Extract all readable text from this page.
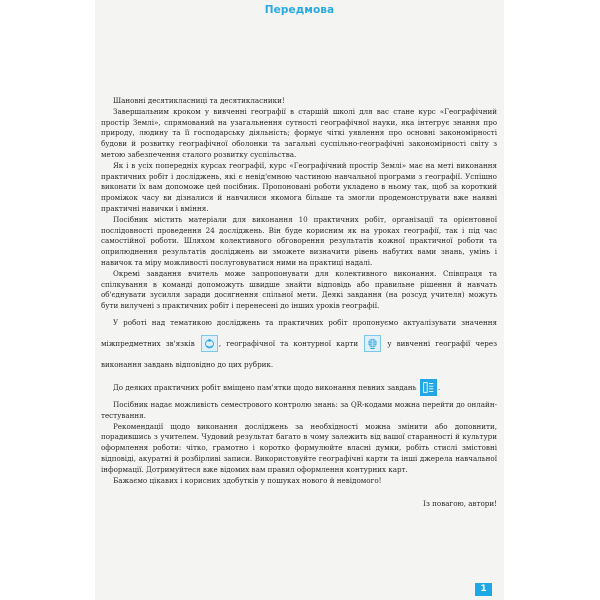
Передмова

Шановні десятикласниці та десятикласники!

Завершальним кроком у вивченні географії в старшій школі для вас стане курс «Географічний простір Землі», спрямований на узагальнення сутності географічної науки, яка інтегрує знання про природу, людину та її господарську діяльність; формує чіткі уявлення про основні закономірності будови й розвитку географічної оболонки та загальні суспільно-географічні закономірності світу з метою забезпечення сталого розвитку суспільства.

Як і в усіх попередніх курсах географії, курс «Географічний простір Землі» має на меті виконання практичних робіт і досліджень, які є невід'ємною частиною навчальної програми з географії. Успішно виконати їх вам допоможе цей посібник. Пропоновані роботи укладено в ньому так, щоб за короткий проміжок часу ви дізналися й навчилися якомога більше та змогли продемонструвати вже наявні практичні навички і вміння.

Посібник містить матеріали для виконання 10 практичних робіт, організації та орієнтовної послідовності проведення 24 досліджень. Він буде корисним як на уроках географії, так і під час самостійної роботи. Шляхом колективного обговорення результатів кожної практичної роботи та оприлюднення результатів досліджень ви зможете визначити рівень набутих вами знань, умінь і навичок та міру можливості послуговуватися ними на практиці надалі.

Окремі завдання вчитель може запропонувати для колективного виконання. Співпраця та спілкування в команді допоможуть швидше знайти відповідь або правильне рішення й навчать об'єднувати зусилля заради досягнення спільної мети. Деякі завдання (на розсуд учителя) можуть бути вилучені з практичних робіт і перенесені до інших уроків географії.

У роботі над тематикою досліджень та практичних робіт пропонуємо актуалізувати значення міжпредметних зв'язків	, географічної та контурної карти	у вивченні географії через виконання завдань відповідно до цих рубрик.

До деяких практичних робіт вміщено пам'ятки щодо виконання певних завдань	.

Посібник надає можливість семестрового контролю знань: за QR-кодами можна перейти до онлайн-тестування.

Рекомендації щодо виконання досліджень за необхідності можна змінити або доповнити, порадившись з учителем. Чудовий результат багато в чому залежить від вашої старанності й культури оформлення роботи: чітко, грамотно і коротко формулюйте власні думки, робіть стислі змістовні відповіді, акуратні й розбірливі записи. Використовуйте географічні карти та інші джерела навчальної інформації. Дотримуйтеся вже відомих вам правил оформлення контурних карт.

Бажаємо цікавих і корисних здобутків у пошуках нового й невідомого!

Із повагою, автори!

1
